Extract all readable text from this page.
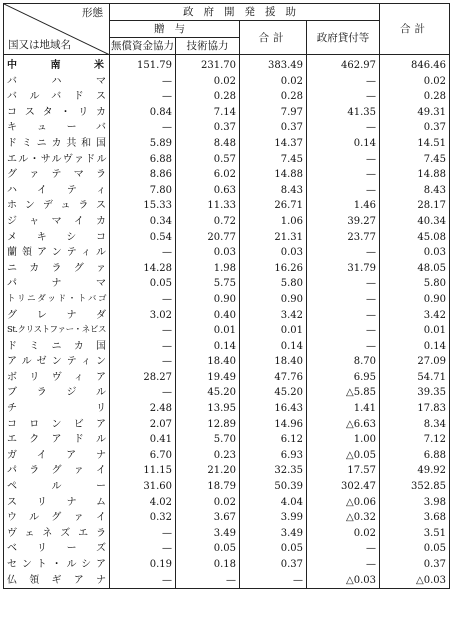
形態
国又は地域名	政府開発援助				合計
	贈与		合計	政府貸付等	
	無償資金協力	技術協力			
中南米	151.79	231.70	383.49	462.97	846.46
バハマ	—	0.02	0.02	—	0.02
バルバドス	—	0.28	0.28	—	0.28
コスタ・リカ	0.84	7.14	7.97	41.35	49.31
キューバ	—	0.37	0.37	—	0.37
ドミニカ共和国	5.89	8.48	14.37	0.14	14.51
エル・サルヴァドル	6.88	0.57	7.45	—	7.45
グァテマラ	8.86	6.02	14.88	—	14.88
ハイティ	7.80	0.63	8.43	—	8.43
ホンデュラス	15.33	11.33	26.71	1.46	28.17
ジャマイカ	0.34	0.72	1.06	39.27	40.34
メキシコ	0.54	20.77	21.31	23.77	45.08
蘭領アンティル	—	0.03	0.03	—	0.03
ニカラグァ	14.28	1.98	16.26	31.79	48.05
パナマ	0.05	5.75	5.80	—	5.80
トリニダッド・トバゴ	—	0.90	0.90	—	0.90
グレナダ	3.02	0.40	3.42	—	3.42
St.クリストファー・ネビス	—	0.01	0.01	—	0.01
ドミニカ国	—	0.14	0.14	—	0.14
アルゼンティン	—	18.40	18.40	8.70	27.09
ボリヴィア	28.27	19.49	47.76	6.95	54.71
ブラジル	—	45.20	45.20	△5.85	39.35
チリ	2.48	13.95	16.43	1.41	17.83
コロンビア	2.07	12.89	14.96	△6.63	8.34
エクアドル	0.41	5.70	6.12	1.00	7.12
ガイアナ	6.70	0.23	6.93	△0.05	6.88
パラグァイ	11.15	21.20	32.35	17.57	49.92
ペルー	31.60	18.79	50.39	302.47	352.85
スリナム	4.02	0.02	4.04	△0.06	3.98
ウルグァイ	0.32	3.67	3.99	△0.32	3.68
ヴェネズエラ	—	3.49	3.49	0.02	3.51
ベリーズ	—	0.05	0.05	—	0.05
セント・ルシア	0.19	0.18	0.37	—	0.37
仏領ギアナ	—	—	—	△0.03	△0.03
